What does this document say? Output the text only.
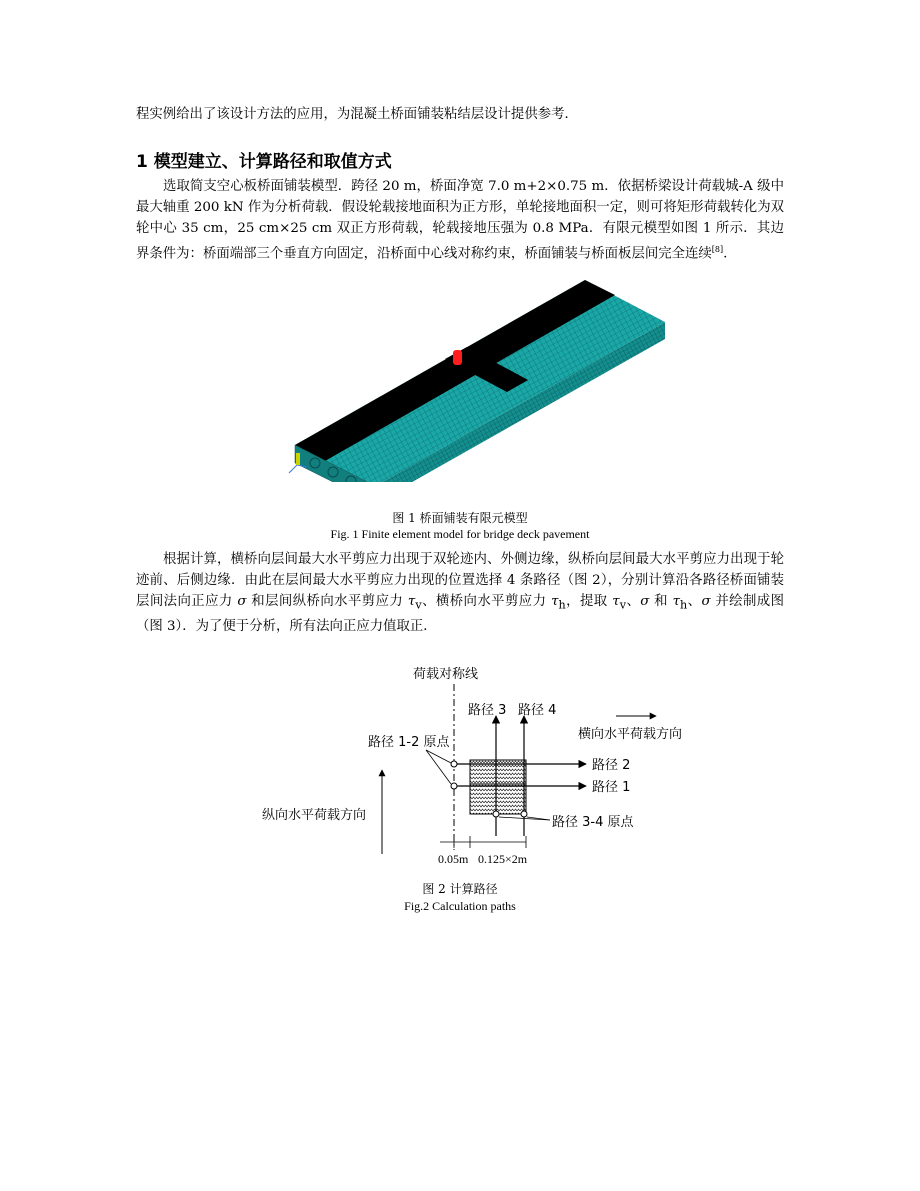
程实例给出了该设计方法的应用，为混凝土桥面铺装粘结层设计提供参考．
1 模型建立、计算路径和取值方式
选取简支空心板桥面铺装模型．跨径 20 m，桥面净宽 7.0 m+2×0.75 m．依据桥梁设计荷载城-A 级中最大轴重 200 kN 作为分析荷载．假设轮载接地面积为正方形，单轮接地面积一定，则可将矩形荷载转化为双轮中心 35 cm，25 cm×25 cm 双正方形荷载，轮载接地压强为 0.8 MPa．有限元模型如图 1 所示．其边界条件为：桥面端部三个垂直方向固定，沿桥面中心线对称约束，桥面铺装与桥面板层间完全连续[8].
图 1 桥面铺装有限元模型
Fig. 1 Finite element model for bridge deck pavement
根据计算，横桥向层间最大水平剪应力出现于双轮迹内、外侧边缘，纵桥向层间最大水平剪应力出现于轮迹前、后侧边缘．由此在层间最大水平剪应力出现的位置选择 4 条路径（图 2），分别计算沿各路径桥面铺装层间法向正应力 σ 和层间纵桥向水平剪应力 $\tau_v$、横桥向水平剪应力 $\tau_h$，提取 $\tau_v$、σ 和 $\tau_h$、σ 并绘制成图（图 3）．为了便于分析，所有法向正应力值取正．
荷载对称线
路径 3 路径 4
路径 2
路径 1
路径 1-2 原点
路径 3-4 原点
横向水平荷载方向
纵向水平荷载方向
0.05m 0.125×2m
图 2 计算路径
Fig.2 Calculation paths
